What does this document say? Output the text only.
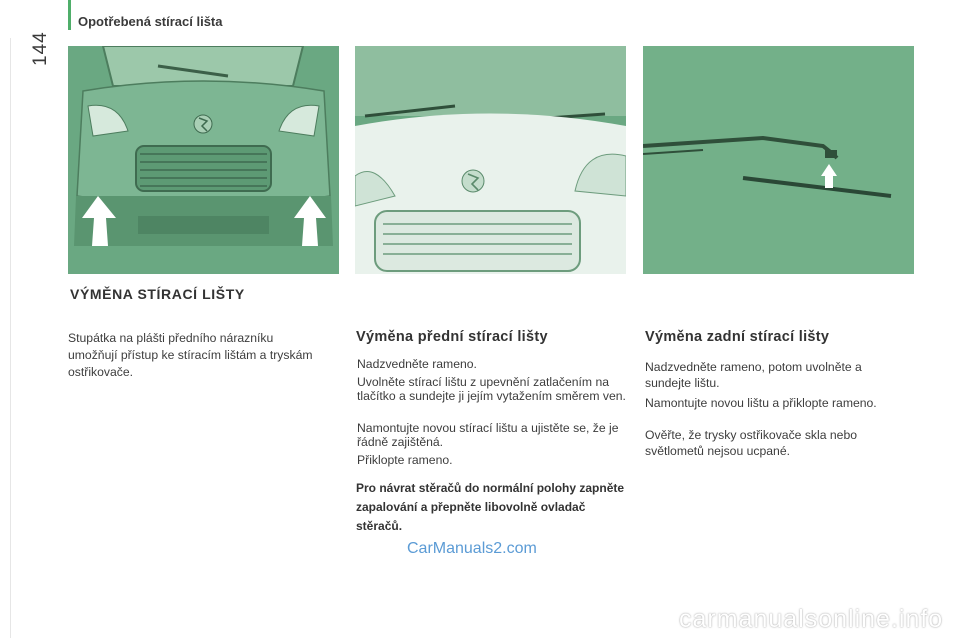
144
Opotřebená stírací lišta
VÝMĚNA STÍRACÍ LIŠTY

Stupátka na plášti předního nárazníku umožňují přístup ke stíracím lištám a tryskám ostřikovače.

Výměna přední stírací lišty

Nadzvedněte rameno.

Uvolněte stírací lištu z upevnění zatlačením na tlačítko a sundejte ji jejím vytažením směrem ven.

Namontujte novou stírací lištu a ujistěte se, že je řádně zajištěná.

Přiklopte rameno.

Pro návrat stěračů do normální polohy zapněte zapalování a přepněte libovolně ovladač stěračů.
Výměna zadní stírací lišty

Nadzvedněte rameno, potom uvolněte a sundejte lištu.

Namontujte novou lištu a přiklopte rameno.

Ověřte, že trysky ostřikovače skla nebo světlometů nejsou ucpané.

CarManuals2.com
carmanualsonline.info
